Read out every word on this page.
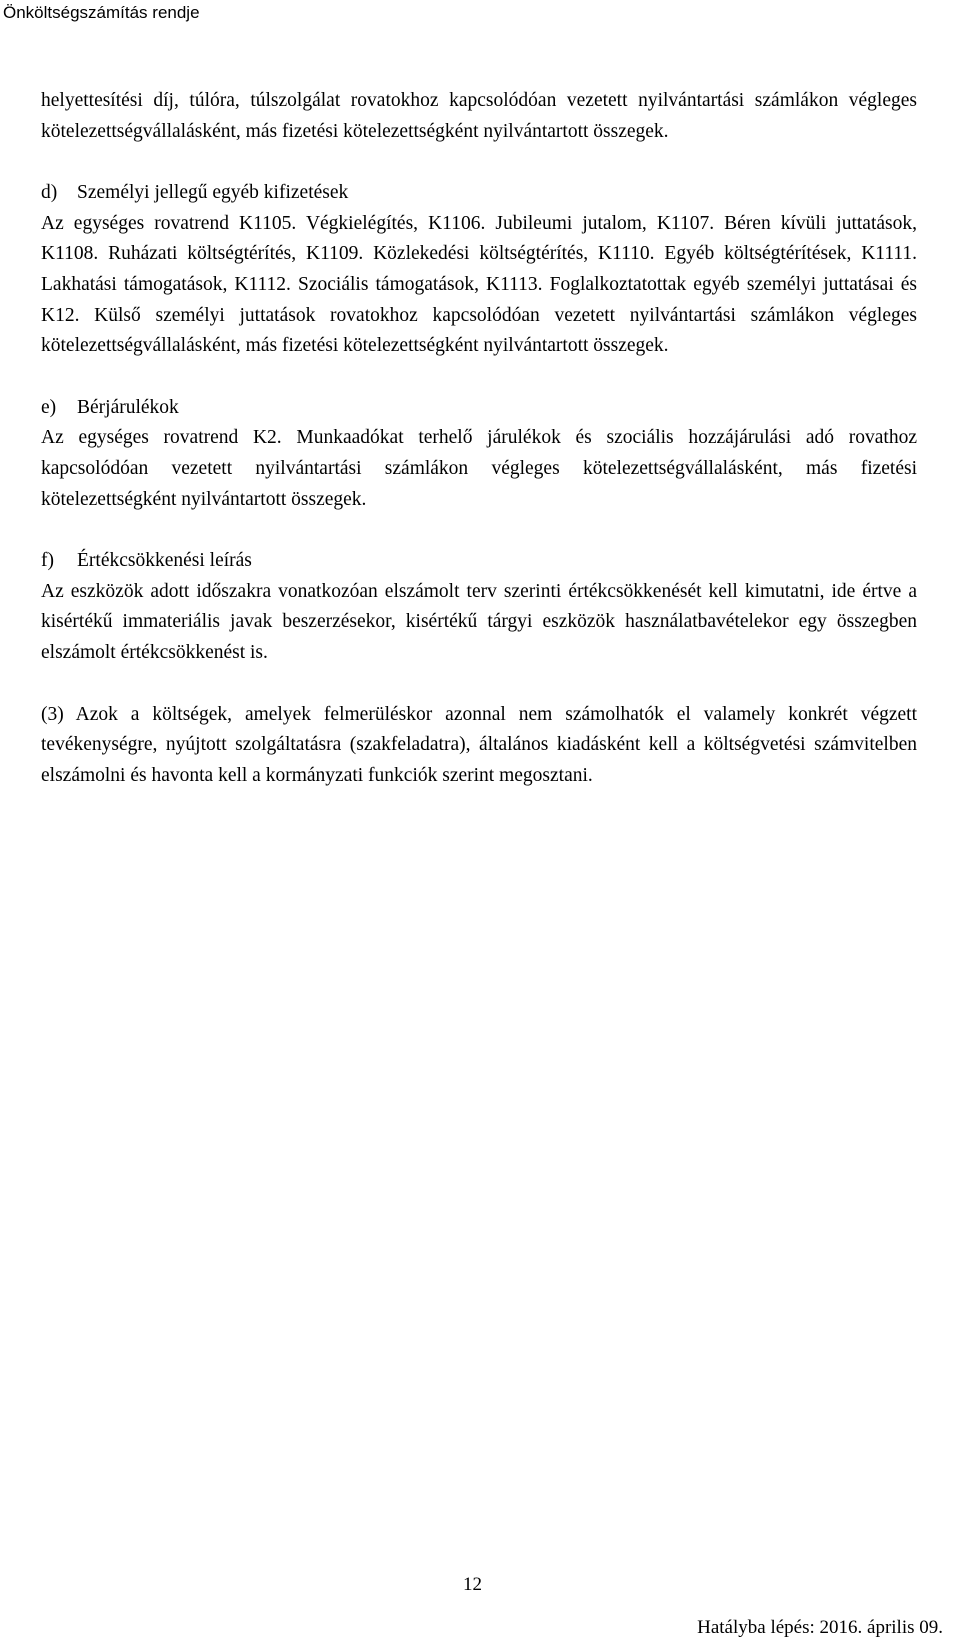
Önköltségszámítás rendje

helyettesítési díj, túlóra, túlszolgálat rovatokhoz kapcsolódóan vezetett nyilvántartási számlákon végleges kötelezettségvállalásként, más fizetési kötelezettségként nyilvántartott összegek.

d) Személyi jellegű egyéb kifizetések

Az egységes rovatrend K1105. Végkielégítés, K1106. Jubileumi jutalom, K1107. Béren kívüli juttatások, K1108. Ruházati költségtérítés, K1109. Közlekedési költségtérítés, K1110. Egyéb költségtérítések, K1111. Lakhatási támogatások, K1112. Szociális támogatások, K1113. Foglalkoztatottak egyéb személyi juttatásai és K12. Külső személyi juttatások rovatokhoz kapcsolódóan vezetett nyilvántartási számlákon végleges kötelezettségvállalásként, más fizetési kötelezettségként nyilvántartott összegek.

e) Bérjárulékok

Az egységes rovatrend K2. Munkaadókat terhelő járulékok és szociális hozzájárulási adó rovathoz kapcsolódóan vezetett nyilvántartási számlákon végleges kötelezettségvállalásként, más fizetési kötelezettségként nyilvántartott összegek.

f) Értékcsökkenési leírás

Az eszközök adott időszakra vonatkozóan elszámolt terv szerinti értékcsökkenését kell kimutatni, ide értve a kisértékű immateriális javak beszerzésekor, kisértékű tárgyi eszközök használatbavételekor egy összegben elszámolt értékcsökkenést is.

(3) Azok a költségek, amelyek felmerüléskor azonnal nem számolhatók el valamely konkrét végzett tevékenységre, nyújtott szolgáltatásra (szakfeladatra), általános kiadásként kell a költségvetési számvitelben elszámolni és havonta kell a kormányzati funkciók szerint megosztani.

12
Hatályba lépés: 2016. április 09.
